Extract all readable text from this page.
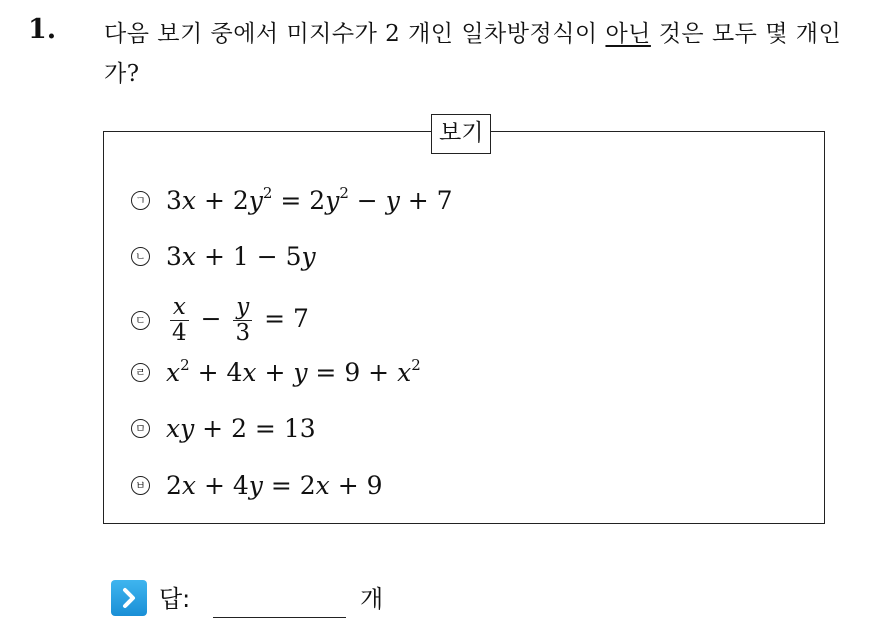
1. 다음 보기 중에서 미지수가 2 개인 일차방정식이 아닌 것은 모두 몇 개인가?
보기
ㄱ $3x + 2y^2 = 2y^2 - y + 7$
ㄴ 3x + 1 − 5y
ㄷ $\frac{x}{4} - \frac{y}{3} = 7$
ㄹ $x^2 + 4x + y = 9 + x^2$
ㅁ xy + 2 = 13
ㅂ 2x + 4y = 2x + 9
답:	개
